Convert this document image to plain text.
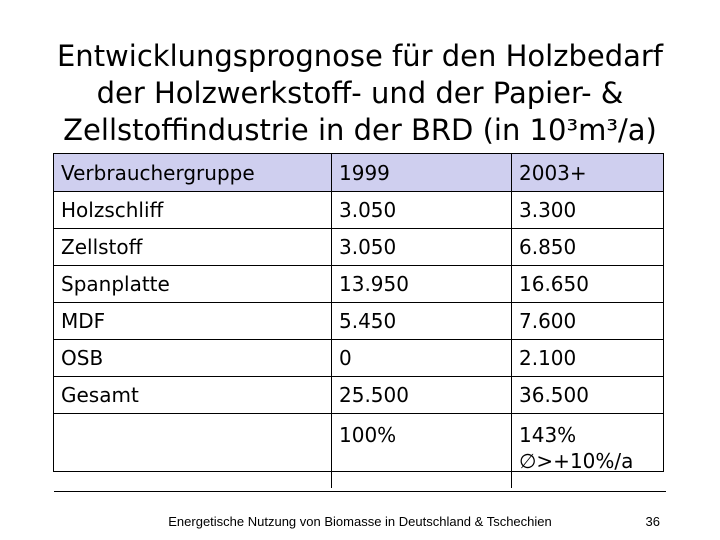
Entwicklungsprognose für den Holzbedarf
der Holzwerkstoff- und der Papier- &
Zellstoffindustrie in der BRD (in 10³m³/a)
Verbrauchergruppe	1999	2003+
Holzschliff	3.050	3.300
Zellstoff	3.050	6.850
Spanplatte	13.950	16.650
MDF	5.450	7.600
OSB	0	2.100
Gesamt	25.500	36.500
	100%	143%
∅>+10%/a
Energetische Nutzung von Biomasse in Deutschland & Tschechien	36
